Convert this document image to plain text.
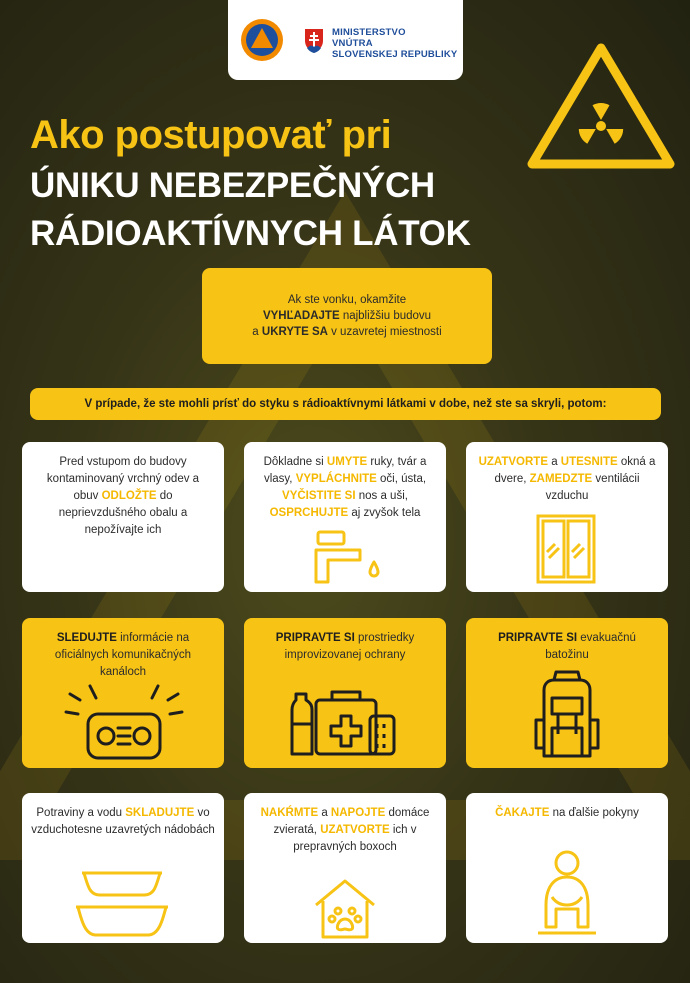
MINISTERSTVO
VNÚTRA
SLOVENSKEJ REPUBLIKY
Ako postupovať pri
ÚNIKU NEBEZPEČNÝCH
RÁDIOAKTÍVNYCH LÁTOK
Ak ste vonku, okamžite
VYHĽADAJTE najbližšiu budovu
a UKRYTE SA v uzavretej miestnosti
V prípade, že ste mohli prísť do styku s rádioaktívnymi látkami v dobe, než ste sa skryli, potom:
Pred vstupom do budovy kontaminovaný vrchný odev a obuv ODLOŽTE do neprievzdušného obalu a nepožívajte ich
Dôkladne si UMYTE ruky, tvár a vlasy, VYPLÁCHNITE oči, ústa, VYČISTITE SI nos a uši, OSPRCHUJTE aj zvyšok tela
UZATVORTE a UTESNITE okná a dvere, ZAMEDZTE ventilácii vzduchu
SLEDUJTE informácie na oficiálnych komunikačných kanáloch
PRIPRAVTE SI prostriedky improvizovanej ochrany
PRIPRAVTE SI evakuačnú batožinu
Potraviny a vodu SKLADUJTE vo vzduchotesne uzavretých nádobách
NAKŔMTE a NAPOJTE domáce zvieratá, UZATVORTE ich v prepravných boxoch
ČAKAJTE na ďalšie pokyny
